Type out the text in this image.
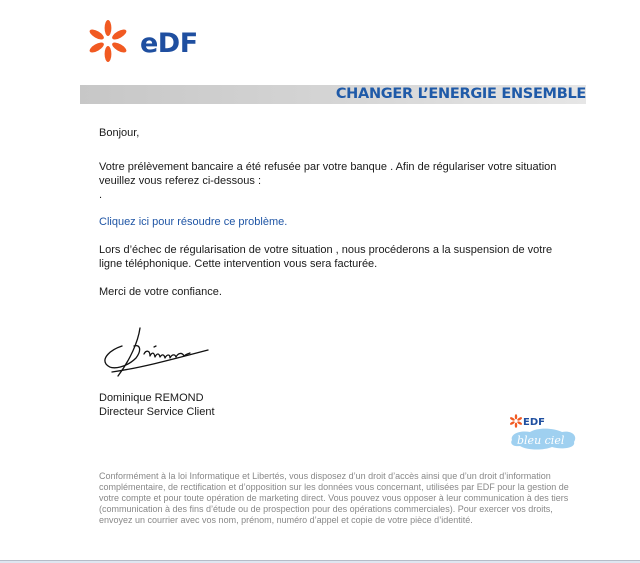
eDF
CHANGER L’ENERGIE ENSEMBLE
Bonjour,
Votre prélèvement bancaire a été refusée par votre banque . Afin de régulariser votre situation
veuillez vous referez ci-dessous :
.
Cliquez ici pour résoudre ce problème.
Lors d’échec de régularisation de votre situation , nous procéderons a la suspension de votre
ligne téléphonique. Cette intervention vous sera facturée.
Merci de votre confiance.
Dominique REMOND
Directeur Service Client
EDF
bleu ciel
Conformément à la loi Informatique et Libertés, vous disposez d’un droit d’accès ainsi que d’un droit d’information
complémentaire, de rectification et d’opposition sur les données vous concernant, utilisées par EDF pour la gestion de
votre compte et pour toute opération de marketing direct. Vous pouvez vous opposer à leur communication à des tiers
(communication à des fins d’étude ou de prospection pour des opérations commerciales). Pour exercer vos droits,
envoyez un courrier avec vos nom, prénom, numéro d’appel et copie de votre pièce d’identité.
